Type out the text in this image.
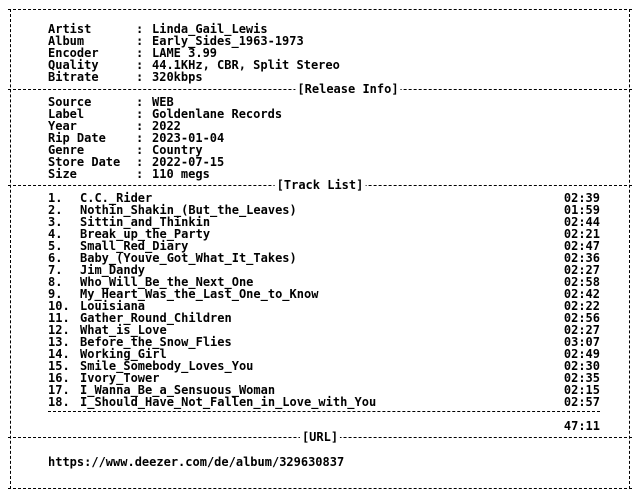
Artist	: Linda_Gail_Lewis
Album	: Early_Sides_1963-1973
Encoder	: LAME 3.99
Quality	: 44.1KHz, CBR, Split Stereo
Bitrate	: 320kbps
[Release Info]
Source	: WEB
Label	: Goldenlane Records
Year	: 2022
Rip Date	: 2023-01-04
Genre	: Country
Store Date : 2022-07-15
Size	: 110 megs
[Track List]
1. C.C._Rider	02:39
2. Nothin_Shakin_(But_the_Leaves)	01:59
3. Sittin_and_Thinkin	02:44
4. Break_up_the_Party	02:21
5. Small_Red_Diary	02:47
6. Baby_(Youve_Got_What_It_Takes)	02:36
7. Jim_Dandy	02:27
8. Who_Will_Be_the_Next_One	02:58
9. My_Heart_Was_the_Last_One_to_Know	02:42
10. Louisiana	02:22
11. Gather_Round_Children	02:56
12. What_is_Love	02:27
13. Before_the_Snow_Flies	03:07
14. Working_Girl	02:49
15. Smile_Somebody_Loves_You	02:30
16. Ivory_Tower	02:35
17. I_Wanna_Be_a_Sensuous_Woman	02:15
18. I_Should_Have_Not_Fallen_in_Love_with_You	02:57
47:11
[URL]
https://www.deezer.com/de/album/329630837
